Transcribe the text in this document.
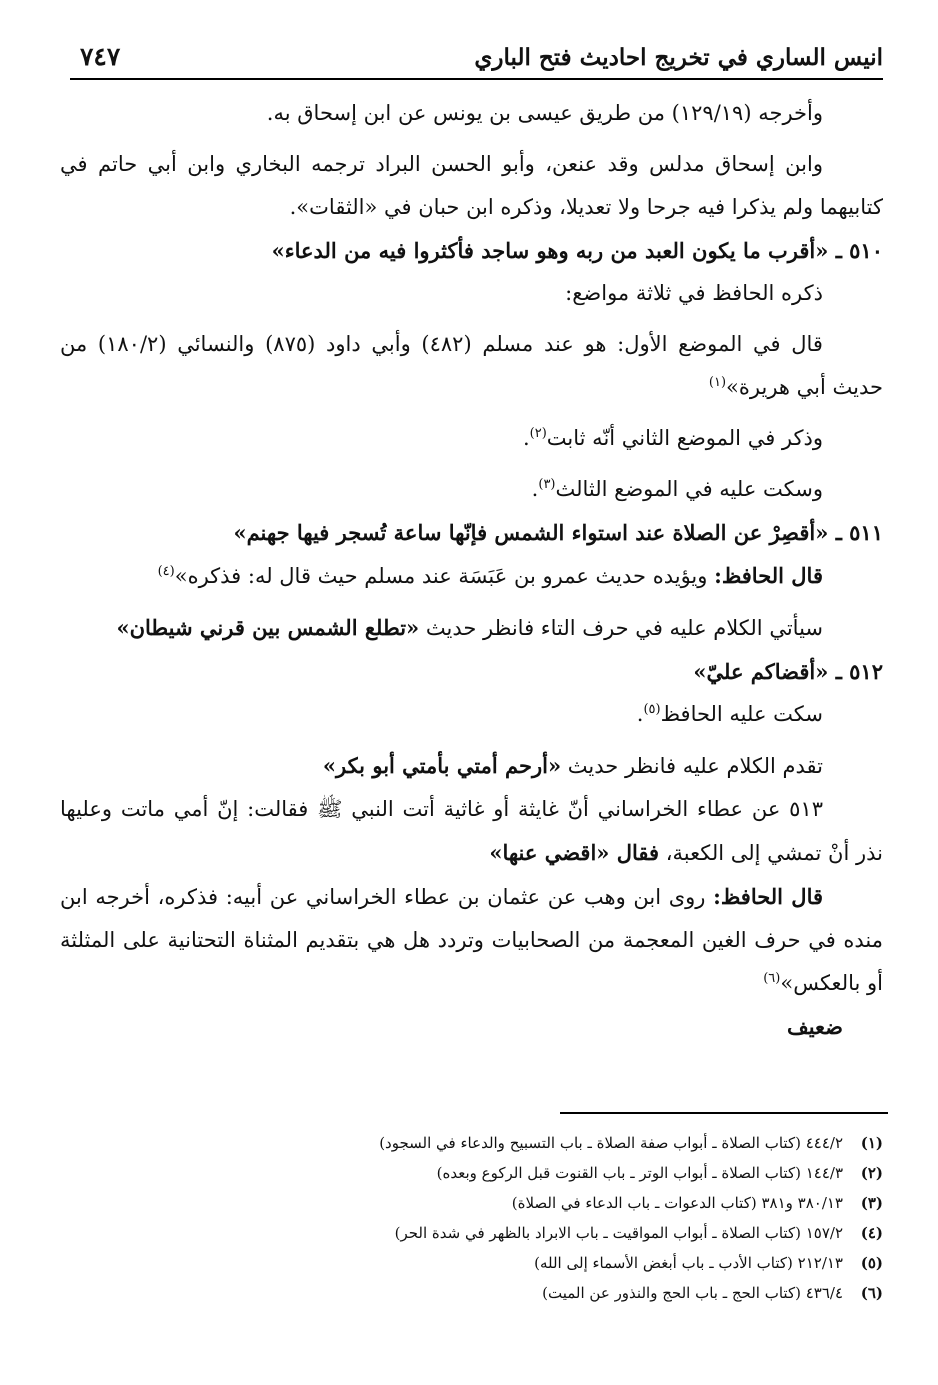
انيس الساري في تخريج احاديث فتح الباري
٧٤٧

وأخرجه (١٢٩/١٩) من طريق عيسى بن يونس عن ابن إسحاق به.

وابن إسحاق مدلس وقد عنعن، وأبو الحسن البراد ترجمه البخاري وابن أبي حاتم في كتابيهما ولم يذكرا فيه جرحا ولا تعديلا، وذكره ابن حبان في «الثقات».

٥١٠ ـ «أقرب ما يكون العبد من ربه وهو ساجد فأكثروا فيه من الدعاء»

ذكره الحافظ في ثلاثة مواضع:

قال في الموضع الأول: هو عند مسلم (٤٨٢) وأبي داود (٨٧٥) والنسائي (١٨٠/٢) من حديث أبي هريرة»$^{(١)}$

وذكر في الموضع الثاني أنّه ثابت$^{(٢)}$.

وسكت عليه في الموضع الثالث$^{(٣)}$.

٥١١ ـ «أقصِرْ عن الصلاة عند استواء الشمس فإنّها ساعة تُسجر فيها جهنم»

قال الحافظ: ويؤيده حديث عمرو بن عَبَسَة عند مسلم حيث قال له: فذكره»$^{(٤)}$

سيأتي الكلام عليه في حرف التاء فانظر حديث «تطلع الشمس بين قرني شيطان»

٥١٢ ـ «أقضاكم عليّ»

سكت عليه الحافظ$^{(٥)}$.

تقدم الكلام عليه فانظر حديث «أرحم أمتي بأمتي أبو بكر»

٥١٣ عن عطاء الخراساني أنّ غايثة أو غاثية أتت النبي ﷺ فقالت: إنّ أمي ماتت وعليها نذر أنْ تمشي إلى الكعبة، فقال «اقضي عنها»

قال الحافظ: روى ابن وهب عن عثمان بن عطاء الخراساني عن أبيه: فذكره، أخرجه ابن منده في حرف الغين المعجمة من الصحابيات وتردد هل هي بتقديم المثناة التحتانية على المثلثة أو بالعكس»$^{(٦)}$

ضعيف

(١)
٤٤٤/٢ (كتاب الصلاة ـ أبواب صفة الصلاة ـ باب التسبيح والدعاء في السجود)
(٢)
١٤٤/٣ (كتاب الصلاة ـ أبواب الوتر ـ باب القنوت قبل الركوع وبعده)
(٣)
٣٨٠/١٣ و٣٨١ (كتاب الدعوات ـ باب الدعاء في الصلاة)
(٤)
١٥٧/٢ (كتاب الصلاة ـ أبواب المواقيت ـ باب الابراد بالظهر في شدة الحر)
(٥)
٢١٢/١٣ (كتاب الأدب ـ باب أبغض الأسماء إلى الله)
(٦)
٤٣٦/٤ (كتاب الحج ـ باب الحج والنذور عن الميت)
